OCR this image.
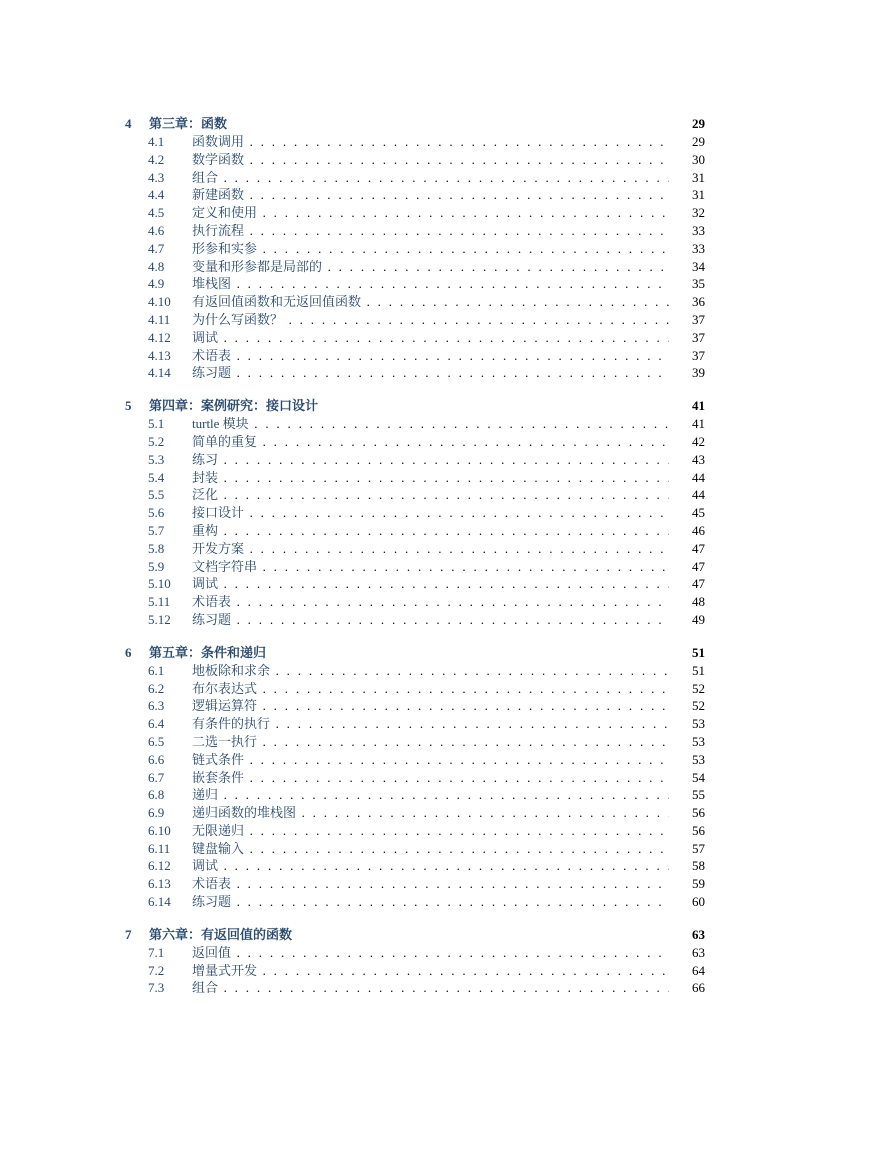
4 第三章：函数	29
4.1 函数调用 . . .	29
4.2 数学函数 . . .	30
4.3 组合 . . .	31
4.4 新建函数 . . .	31
4.5 定义和使用 . . .	32
4.6 执行流程 . . .	33
4.7 形参和实参 . . .	33
4.8 变量和形参都是局部的 . . .	34
4.9 堆栈图 . . .	35
4.10 有返回值函数和无返回值函数 . . .	36
4.11 为什么写函数？ . . .	37
4.12 调试 . . .	37
4.13 术语表 . . .	37
4.14 练习题 . . .	39
5 第四章：案例研究：接口设计	41
5.1 turtle 模块 . . .	41
5.2 简单的重复 . . .	42
5.3 练习 . . .	43
5.4 封装 . . .	44
5.5 泛化 . . .	44
5.6 接口设计 . . .	45
5.7 重构 . . .	46
5.8 开发方案 . . .	47
5.9 文档字符串 . . .	47
5.10 调试 . . .	47
5.11 术语表 . . .	48
5.12 练习题 . . .	49
6 第五章：条件和递归	51
6.1 地板除和求余 . . .	51
6.2 布尔表达式 . . .	52
6.3 逻辑运算符 . . .	52
6.4 有条件的执行 . . .	53
6.5 二选一执行 . . .	53
6.6 链式条件 . . .	53
6.7 嵌套条件 . . .	54
6.8 递归 . . .	55
6.9 递归函数的堆栈图 . . .	56
6.10 无限递归 . . .	56
6.11 键盘输入 . . .	57
6.12 调试 . . .	58
6.13 术语表 . . .	59
6.14 练习题 . . .	60
7 第六章：有返回值的函数	63
7.1 返回值 . . .	63
7.2 增量式开发 . . .	64
7.3 组合 . . .	66
